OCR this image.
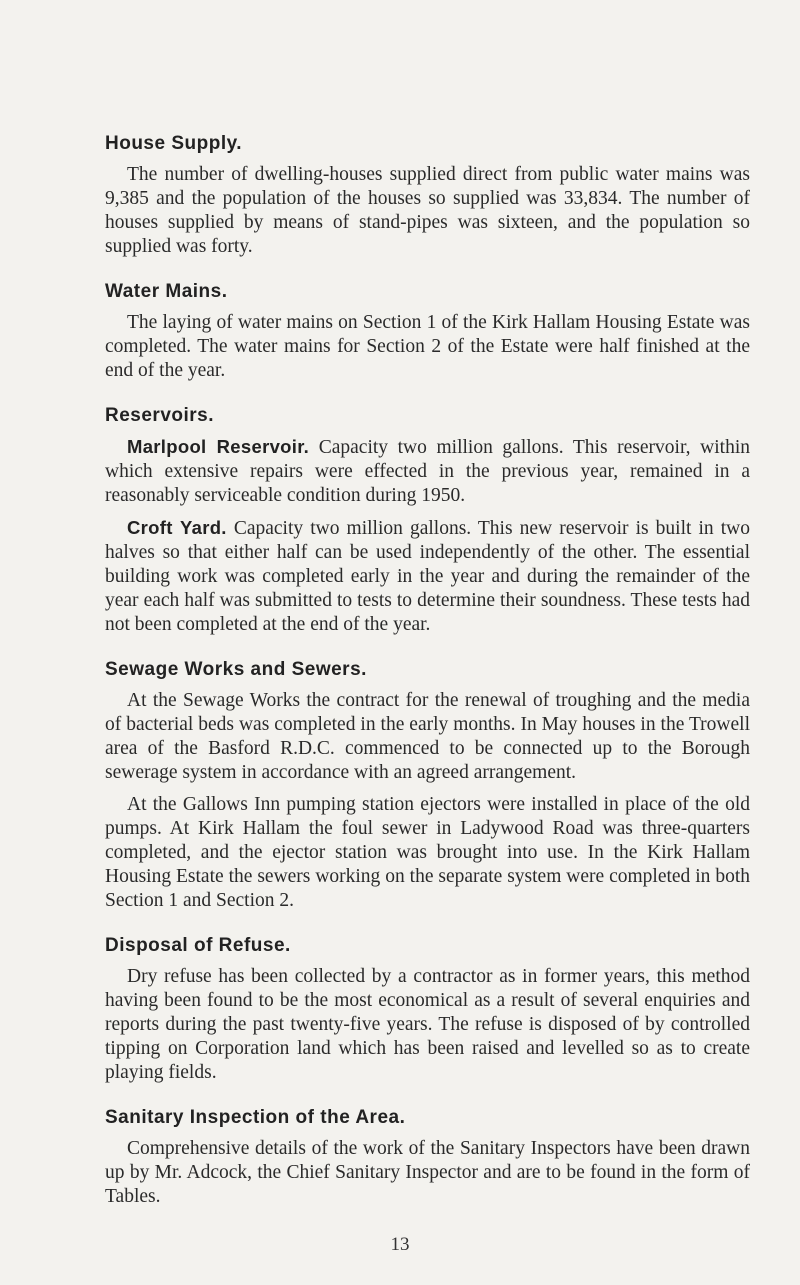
House Supply.

The number of dwelling-houses supplied direct from public water mains was 9,385 and the population of the houses so supplied was 33,834. The number of houses supplied by means of stand-pipes was sixteen, and the population so supplied was forty.

Water Mains.

The laying of water mains on Section 1 of the Kirk Hallam Housing Estate was completed. The water mains for Section 2 of the Estate were half finished at the end of the year.

Reservoirs.

Marlpool Reservoir. Capacity two million gallons. This reservoir, within which extensive repairs were effected in the previous year, remained in a reasonably serviceable condition during 1950.

Croft Yard. Capacity two million gallons. This new reservoir is built in two halves so that either half can be used independently of the other. The essential building work was completed early in the year and during the remainder of the year each half was submitted to tests to determine their soundness. These tests had not been completed at the end of the year.

Sewage Works and Sewers.

At the Sewage Works the contract for the renewal of troughing and the media of bacterial beds was completed in the early months. In May houses in the Trowell area of the Basford R.D.C. commenced to be connected up to the Borough sewerage system in accordance with an agreed arrangement.

At the Gallows Inn pumping station ejectors were installed in place of the old pumps. At Kirk Hallam the foul sewer in Ladywood Road was three-quarters completed, and the ejector station was brought into use. In the Kirk Hallam Housing Estate the sewers working on the separate system were completed in both Section 1 and Section 2.

Disposal of Refuse.

Dry refuse has been collected by a contractor as in former years, this method having been found to be the most economical as a result of several enquiries and reports during the past twenty-five years. The refuse is disposed of by controlled tipping on Corporation land which has been raised and levelled so as to create playing fields.

Sanitary Inspection of the Area.

Comprehensive details of the work of the Sanitary Inspectors have been drawn up by Mr. Adcock, the Chief Sanitary Inspector and are to be found in the form of Tables.

13
